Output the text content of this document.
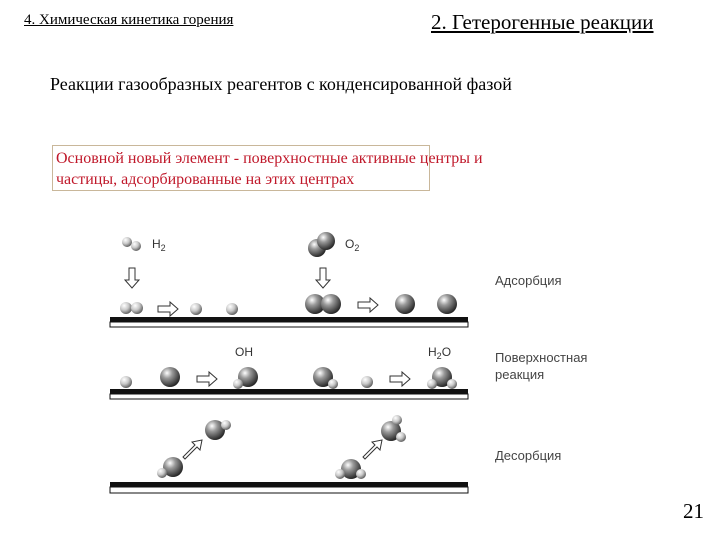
4. Химическая кинетика горения	2. Гетерогенные реакции
Реакции газообразных реагентов с конденсированной фазой
Основной новый элемент - поверхностные активные центры и
частицы, адсорбированные на этих центрах
$H_2$	$O_2$
Адсорбция
OH	$H_2O$	Поверхностная
реакция
Десорбция
21
